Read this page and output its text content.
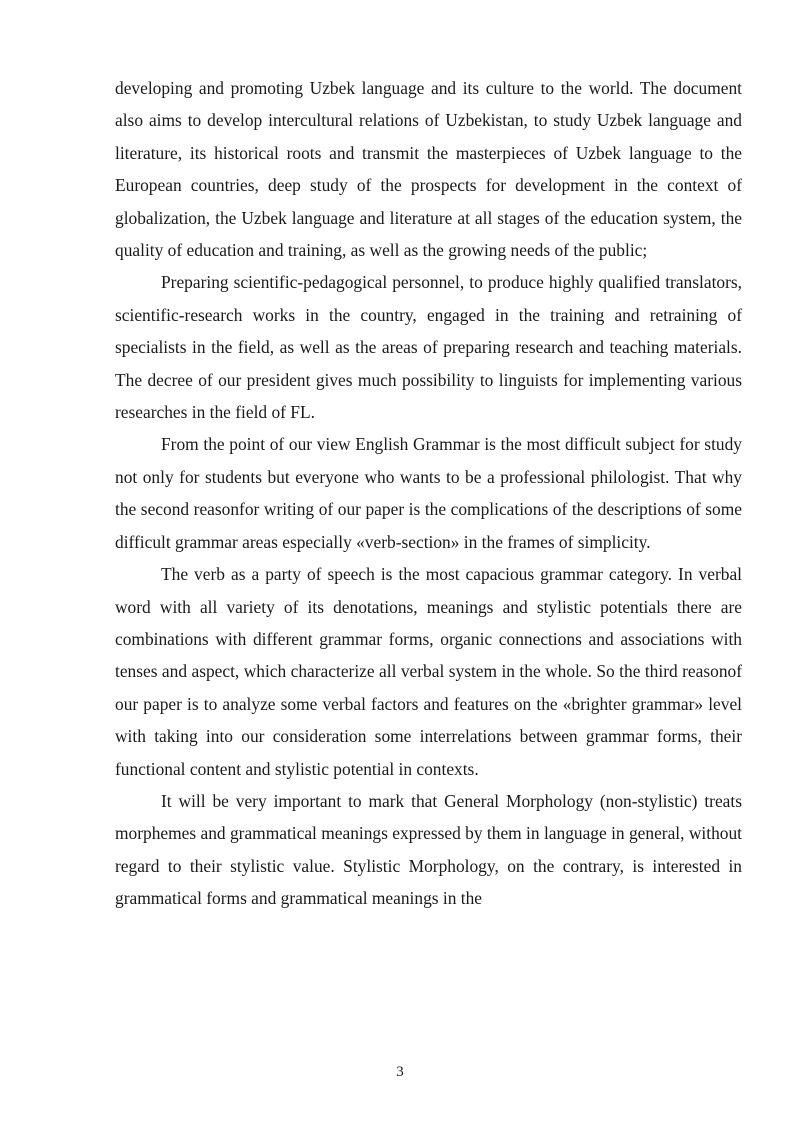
developing and promoting Uzbek language and its culture to the world. The document also aims to develop intercultural relations of Uzbekistan, to study Uzbek language and literature, its historical roots and transmit the masterpieces of Uzbek language to the European countries, deep study of the prospects for development in the context of globalization, the Uzbek language and literature at all stages of the education system, the quality of education and training, as well as the growing needs of the public;

Preparing scientific-pedagogical personnel, to produce highly qualified translators, scientific-research works in the country, engaged in the training and retraining of specialists in the field, as well as the areas of preparing research and teaching materials. The decree of our president gives much possibility to linguists for implementing various researches in the field of FL.

From the point of our view English Grammar is the most difficult subject for study not only for students but everyone who wants to be a professional philologist. That why the second reasonfor writing of our paper is the complications of the descriptions of some difficult grammar areas especially «verb-section» in the frames of simplicity.

The verb as a party of speech is the most capacious grammar category. In verbal word with all variety of its denotations, meanings and stylistic potentials there are combinations with different grammar forms, organic connections and associations with tenses and aspect, which characterize all verbal system in the whole. So the third reasonof our paper is to analyze some verbal factors and features on the «brighter grammar» level with taking into our consideration some interrelations between grammar forms, their functional content and stylistic potential in contexts.

It will be very important to mark that General Morphology (non-stylistic) treats morphemes and grammatical meanings expressed by them in language in general, without regard to their stylistic value. Stylistic Morphology, on the contrary, is interested in grammatical forms and grammatical meanings in the

3
